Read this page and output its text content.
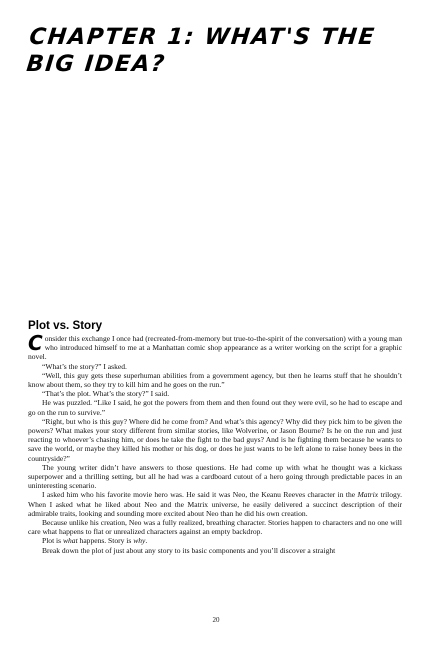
CHAPTER 1: WHAT'S THE BIG IDEA?
Plot vs. Story

Consider this exchange I once had (recreated-from-memory but true-to-the-spirit of the conversation) with a young man who introduced himself to me at a Manhattan comic shop appearance as a writer working on the script for a graphic novel.

“What’s the story?” I asked.

“Well, this guy gets these superhuman abilities from a government agency, but then he learns stuff that he shouldn’t know about them, so they try to kill him and he goes on the run.”

“That’s the plot. What’s the story?” I said.

He was puzzled. “Like I said, he got the powers from them and then found out they were evil, so he had to escape and go on the run to survive.”

“Right, but who is this guy? Where did he come from? And what’s this agency? Why did they pick him to be given the powers? What makes your story different from similar stories, like Wolverine, or Jason Bourne? Is he on the run and just reacting to whoever’s chasing him, or does he take the fight to the bad guys? And is he fighting them because he wants to save the world, or maybe they killed his mother or his dog, or does he just wants to be left alone to raise honey bees in the countryside?”

The young writer didn’t have answers to those questions. He had come up with what he thought was a kickass superpower and a thrilling setting, but all he had was a cardboard cutout of a hero going through predictable paces in an uninteresting scenario.

I asked him who his favorite movie hero was. He said it was Neo, the Keanu Reeves character in the Matrix trilogy. When I asked what he liked about Neo and the Matrix universe, he easily delivered a succinct description of their admirable traits, looking and sounding more excited about Neo than he did his own creation.

Because unlike his creation, Neo was a fully realized, breathing character. Stories happen to characters and no one will care what happens to flat or unrealized characters against an empty backdrop.

Plot is what happens. Story is why.

Break down the plot of just about any story to its basic components and you’ll discover a straight

20
